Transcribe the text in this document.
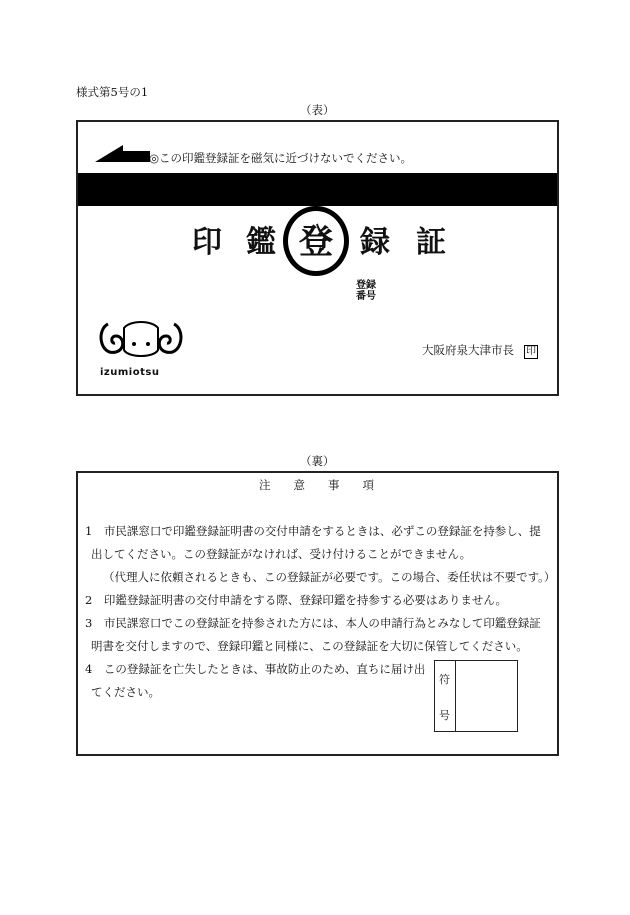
様式第5号の1
（表）
◎この印鑑登録証を磁気に近づけないでください。
印 鑑 登 録 証
登録
番号
izumiotsu
大阪府泉大津市長 印
（裏）
注　　意　　事　　項
1　市民課窓口で印鑑登録証明書の交付申請をするときは、必ずこの登録証を持参し、提
出してください。この登録証がなければ、受け付けることができません。
（代理人に依頼されるときも、この登録証が必要です。この場合、委任状は不要です。）
2　印鑑登録証明書の交付申請をする際、登録印鑑を持参する必要はありません。
3　市民課窓口でこの登録証を持参された方には、本人の申請行為とみなして印鑑登録証
明書を交付しますので、登録印鑑と同様に、この登録証を大切に保管してください。
4　この登録証を亡失したときは、事故防止のため、直ちに届け出
てください。
符
号
